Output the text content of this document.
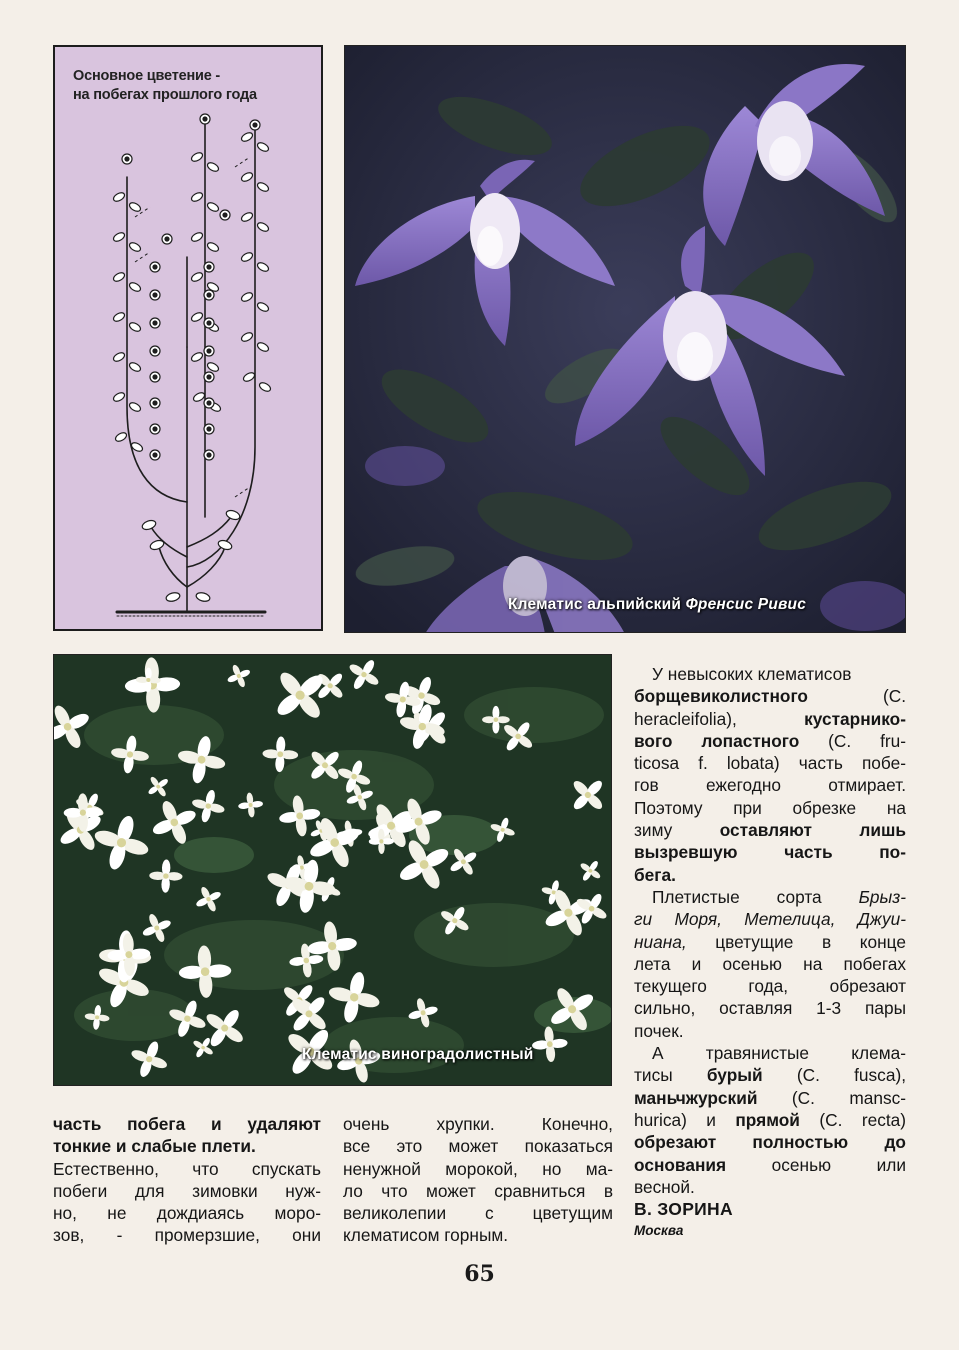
Основное цветение -
на побегах прошлого года
Клематис альпийский Френсис Ривис
Клематис виноградолистный

У невысоких клематисов
борщевиколистного (С.
heracleifolia), кустарнико-
вого лопастного (С. fru-
ticosa f. lobata) часть побе-
гов ежегодно отмирает.
Поэтому при обрезке на
зиму оставляют лишь
вызревшую часть по-
бега.

Плетистые сорта Брыз-
ги Моря, Метелица, Джуи-
ниана, цветущие в конце
лета и осенью на побегах
текущего года, обрезают
сильно, оставляя 1-3 пары
почек.

А травянистые клема-
тисы бурый (С. fusca),
маньчжурский (С. mansc-
hurica) и прямой (С. recta)
обрезают полностью до
основания осенью или
весной.

В. ЗОРИНА
Москва
часть побега и удаляют
тонкие и слабые плети.
Естественно, что спускать
побеги для зимовки нуж-
но, не дождиаясь моро-
зов, - промерзшие, они
очень хрупки. Конечно,
все это может показаться
ненужной морокой, но ма-
ло что может сравниться в
великолепии с цветущим
клематисом горным.
65
